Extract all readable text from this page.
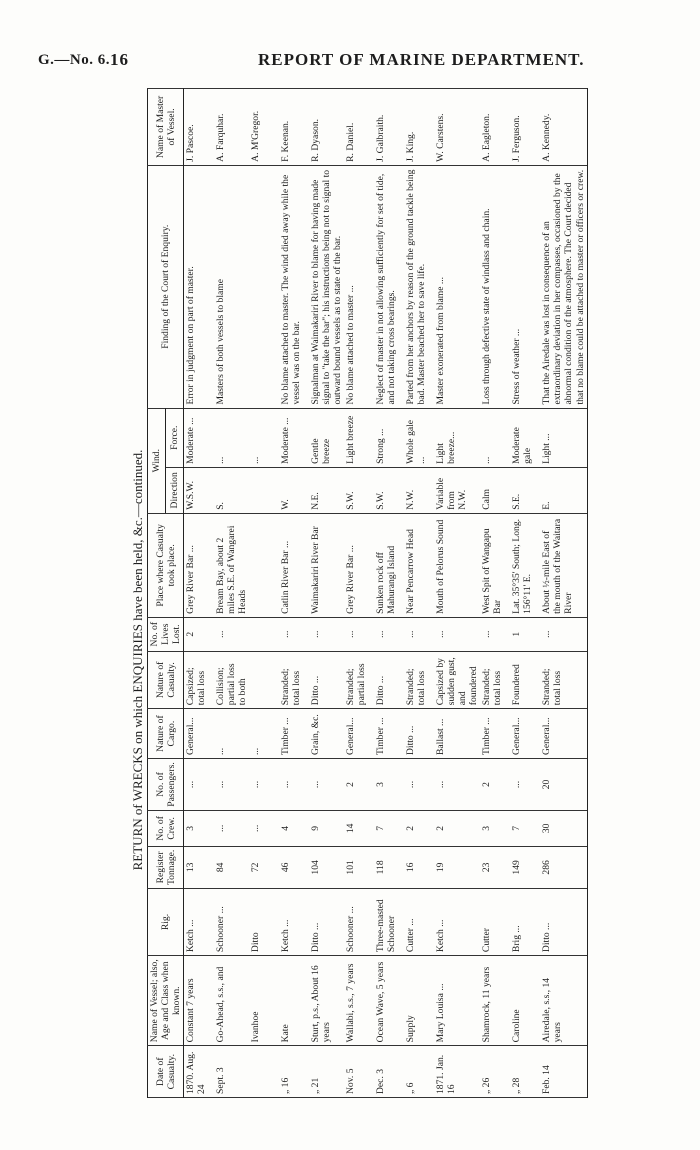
G.—No. 6. 16	REPORT OF MARINE DEPARTMENT.
RETURN of WRECKS on which ENQUIRIES have been held, &c.—continued.
Date of Casualty.	Name of Vessel; also, Age and Class when known.	Rig.	Register Tonnage.	No. of Crew.	No. of Passengers.	Nature of Cargo.	Nature of Casualty.	No. of Lives Lost.	Place where Casualty took place.	Wind.		Finding of the Court of Enquiry.	Name of Master of Vessel.
										Direction	Force.		
1870. Aug. 24	Constant 7 years	Ketch ...	13	3	...	General...	Capsized; total loss	2	Grey River Bar ...	W.S.W.	Moderate ...	Error in judgment on part of master.	J. Pascoe.
Sept. 3	Go-Ahead, s.s., and	Schooner ...	84	...	...	...	Collision; partial loss to both	...	Bream Bay, about 2 miles S.E. of Wangarei Heads	S.	...	Masters of both vessels to blame	A. Farquhar.
	Ivanhoe	Ditto	72	...	...	...					...		A. M'Gregor.
„ 16	Kate	Ketch ...	46	4	...	Timber ...	Stranded; total loss	...	Catlin River Bar ...	W.	Moderate ...	No blame attached to master. The wind died away while the vessel was on the bar.	F. Keenan.
„ 21	Sturt, p.s., About 16 years	Ditto ...	104	9	...	Grain, &c.	Ditto ...	...	Waimakariri River Bar	N.E.	Gentle breeze	Signalman at Waimakariri River to blame for having made signal to "take the bar"; his instructions being not to signal to outward bound vessels as to state of the bar.	R. Dyason.
Nov. 5	Wallabi, s.s., 7 years	Schooner ...	101	14	2	General...	Stranded; partial loss	...	Grey River Bar ...	S.W.	Light breeze	No blame attached to master ...	R. Daniel.
Dec. 3	Ocean Wave, 5 years	Three-masted Schooner	118	7	3	Timber ...	Ditto ...	...	Sunken rock off Mahurangi Island	S.W.	Strong ...	Neglect of master in not allowing sufficiently for set of tide, and not taking cross bearings.	J. Galbraith.
„ 6	Supply	Cutter ...	16	2	...	Ditto ...	Stranded; total loss	...	Near Pencarrow Head	N.W.	Whole gale ...	Parted from her anchors by reason of the ground tackle being bad. Master beached her to save life.	J. King.
1871. Jan. 16	Mary Louisa ...	Ketch ...	19	2	...	Ballast ...	Capsized by sudden gust, and foundered	...	Mouth of Pelorus Sound	Variable from N.W.	Light breeze...	Master exonerated from blame ...	W. Carstens.
„ 26	Shamrock, 11 years	Cutter	23	3	2	Timber ...	Stranded; total loss	...	West Spit of Wangapu Bar	Calm	...	Loss through defective state of windlass and chain.	A. Eagleton.
„ 28	Caroline	Brig ...	149	7	...	General...	Foundered	1	Lat. 35°35' South; Long. 156°11' E.	S.E.	Moderate gale	Stress of weather ...	J. Ferguson.
Feb. 14	Airedale, s.s., 14 years	Ditto ...	286	30	20	General...	Stranded; total loss	...	About ½-mile East of the mouth of the Waitara River	E.	Light ...	That the Airedale was lost in consequence of an extraordinary deviation in her compasses, occasioned by the abnormal condition of the atmosphere. The Court decided that no blame could be attached to master or officers or crew.	A. Kennedy.
